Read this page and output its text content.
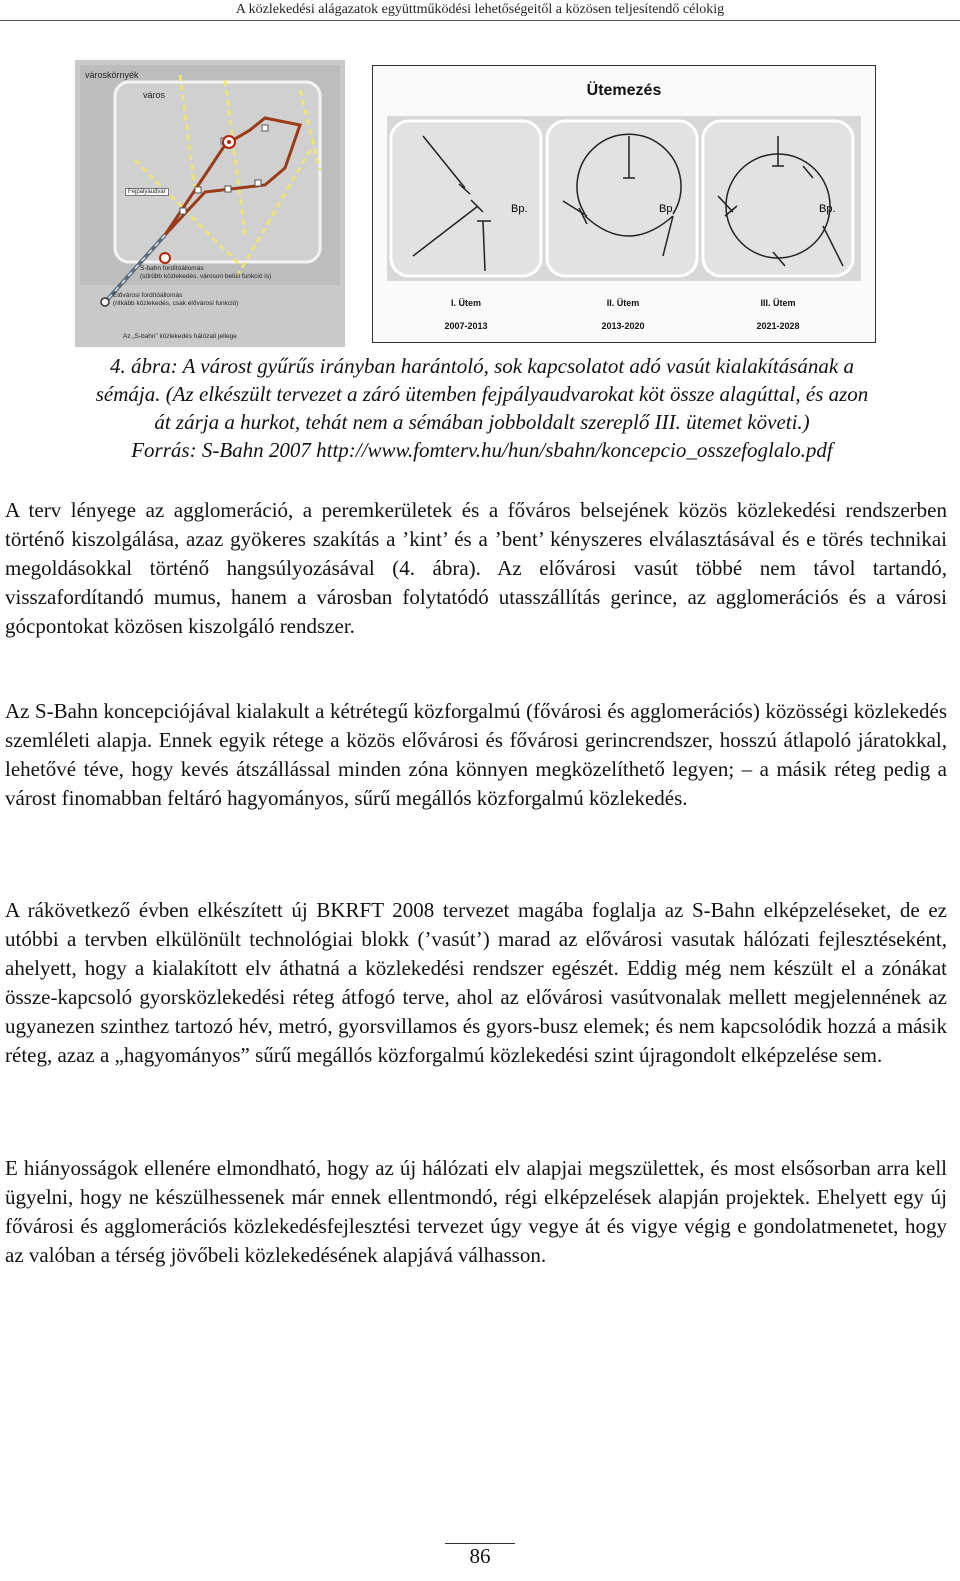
A közlekedési alágazatok együttműködési lehetőségeitől a közösen teljesítendő célokig
városkörnyék
város
Fejpályaudvar
S-bahn fordítóállomás
(sűrűbb közlekedés, városon belüli funkció is)
Elővárosi fordítóállomás
(ritkább közlekedés, csak elővárosi funkció)
Az „S-bahn” közlekedés hálózati jellege
Ütemezés
Bp.	Bp.	Bp.
I. Ütem
2007-2013
II. Ütem
2013-2020
III. Ütem
2021-2028
4. ábra: A várost gyűrűs irányban harántoló, sok kapcsolatot adó vasút kialakításának a
sémája. (Az elkészült tervezet a záró ütemben fejpályaudvarokat köt össze alagúttal, és azon
át zárja a hurkot, tehát nem a sémában jobboldalt szereplő III. ütemet követi.)
Forrás: S-Bahn 2007 http://www.fomterv.hu/hun/sbahn/koncepcio_osszefoglalo.pdf

A terv lényege az agglomeráció, a peremkerületek és a főváros belsejének közös közlekedési rendszerben történő kiszolgálása, azaz gyökeres szakítás a ’kint’ és a ’bent’ kényszeres elválasztásával és e törés technikai megoldásokkal történő hangsúlyozásával (4. ábra). Az elővárosi vasút többé nem távol tartandó, visszafordítandó mumus, hanem a városban folytatódó utasszállítás gerince, az agglomerációs és a városi gócpontokat közösen kiszolgáló rendszer.

Az S-Bahn koncepciójával kialakult a kétrétegű közforgalmú (fővárosi és agglomerációs) közösségi közlekedés szemléleti alapja. Ennek egyik rétege a közös elővárosi és fővárosi gerincrendszer, hosszú átlapoló járatokkal, lehetővé téve, hogy kevés átszállással minden zóna könnyen megközelíthető legyen; – a másik réteg pedig a várost finomabban feltáró hagyományos, sűrű megállós közforgalmú közlekedés.

A rákövetkező évben elkészített új BKRFT 2008 tervezet magába foglalja az S-Bahn elképzeléseket, de ez utóbbi a tervben elkülönült technológiai blokk (’vasút’) marad az elővárosi vasutak hálózati fejlesztéseként, ahelyett, hogy a kialakított elv áthatná a közlekedési rendszer egészét. Eddig még nem készült el a zónákat össze-kapcsoló gyorsközlekedési réteg átfogó terve, ahol az elővárosi vasútvonalak mellett megjelennének az ugyanezen szinthez tartozó hév, metró, gyorsvillamos és gyors-busz elemek; és nem kapcsolódik hozzá a másik réteg, azaz a „hagyományos” sűrű megállós közforgalmú közlekedési szint újragondolt elképzelése sem.

E hiányosságok ellenére elmondható, hogy az új hálózati elv alapjai megszülettek, és most elsősorban arra kell ügyelni, hogy ne készülhessenek már ennek ellentmondó, régi elképzelések alapján projektek. Ehelyett egy új fővárosi és agglomerációs közlekedésfejlesztési tervezet úgy vegye át és vigye végig e gondolatmenetet, hogy az valóban a térség jövőbeli közlekedésének alapjává válhasson.

86
